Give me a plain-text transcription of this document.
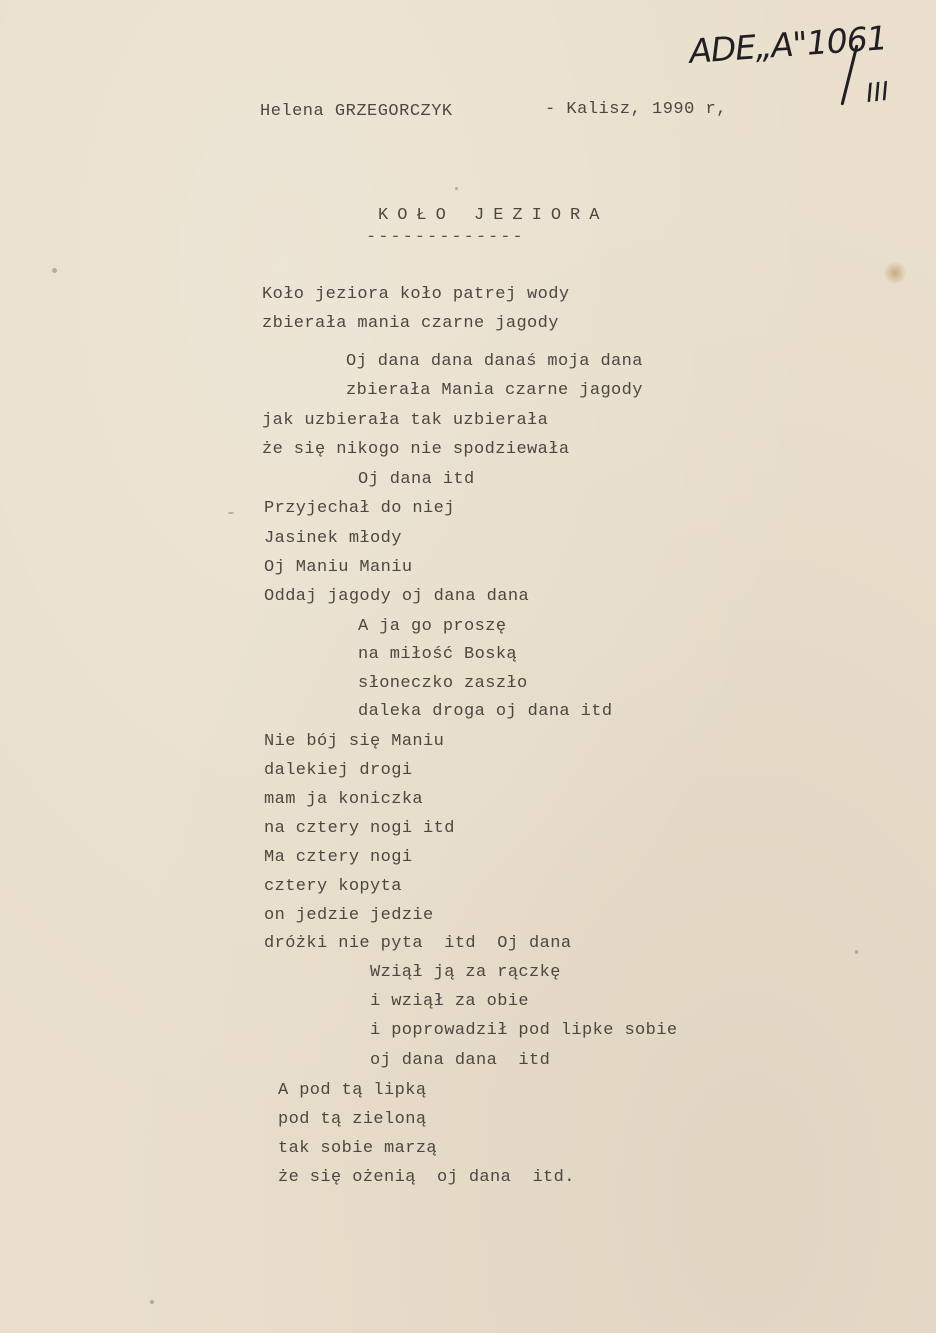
ADE„A"1061
III
Helena GRZEGORCZYK	- Kalisz, 1990 r,
KOŁO JEZIORA
-------------
Koło jeziora koło patrej wody
zbierała mania czarne jagody
Oj dana dana danaś moja dana
zbierała Mania czarne jagody
jak uzbierała tak uzbierała
że się nikogo nie spodziewała
Oj dana itd
Przyjechał do niej
Jasinek młody
Oj Maniu Maniu
Oddaj jagody oj dana dana
A ja go proszę
na miłość Boską
słoneczko zaszło
daleka droga oj dana itd
Nie bój się Maniu
dalekiej drogi
mam ja koniczka
na cztery nogi itd
Ma cztery nogi
cztery kopyta
on jedzie jedzie
dróżki nie pyta  itd  Oj dana
Wziął ją za rączkę
i wziął za obie
i poprowadził pod lipke sobie
oj dana dana  itd
A pod tą lipką
pod tą zieloną
tak sobie marzą
że się ożenią  oj dana  itd.
